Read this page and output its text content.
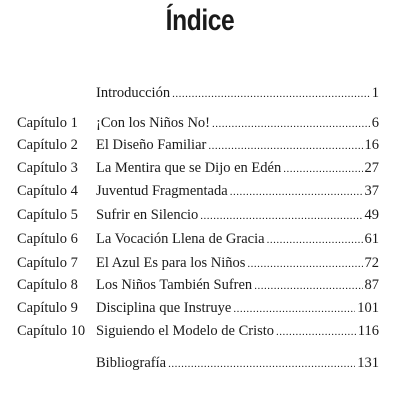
Índice
Introducción .....	1
Capítulo 1 ¡Con los Niños No! .....	6
Capítulo 2 El Diseño Familiar .....	16
Capítulo 3 La Mentira que se Dijo en Edén .....	27
Capítulo 4 Juventud Fragmentada .....	37
Capítulo 5 Sufrir en Silencio .....	49
Capítulo 6 La Vocación Llena de Gracia .....	61
Capítulo 7 El Azul Es para los Niños .....	72
Capítulo 8 Los Niños También Sufren .....	87
Capítulo 9 Disciplina que Instruye .....	101
Capítulo 10 Siguiendo el Modelo de Cristo .....	116
Bibliografía .....	131
